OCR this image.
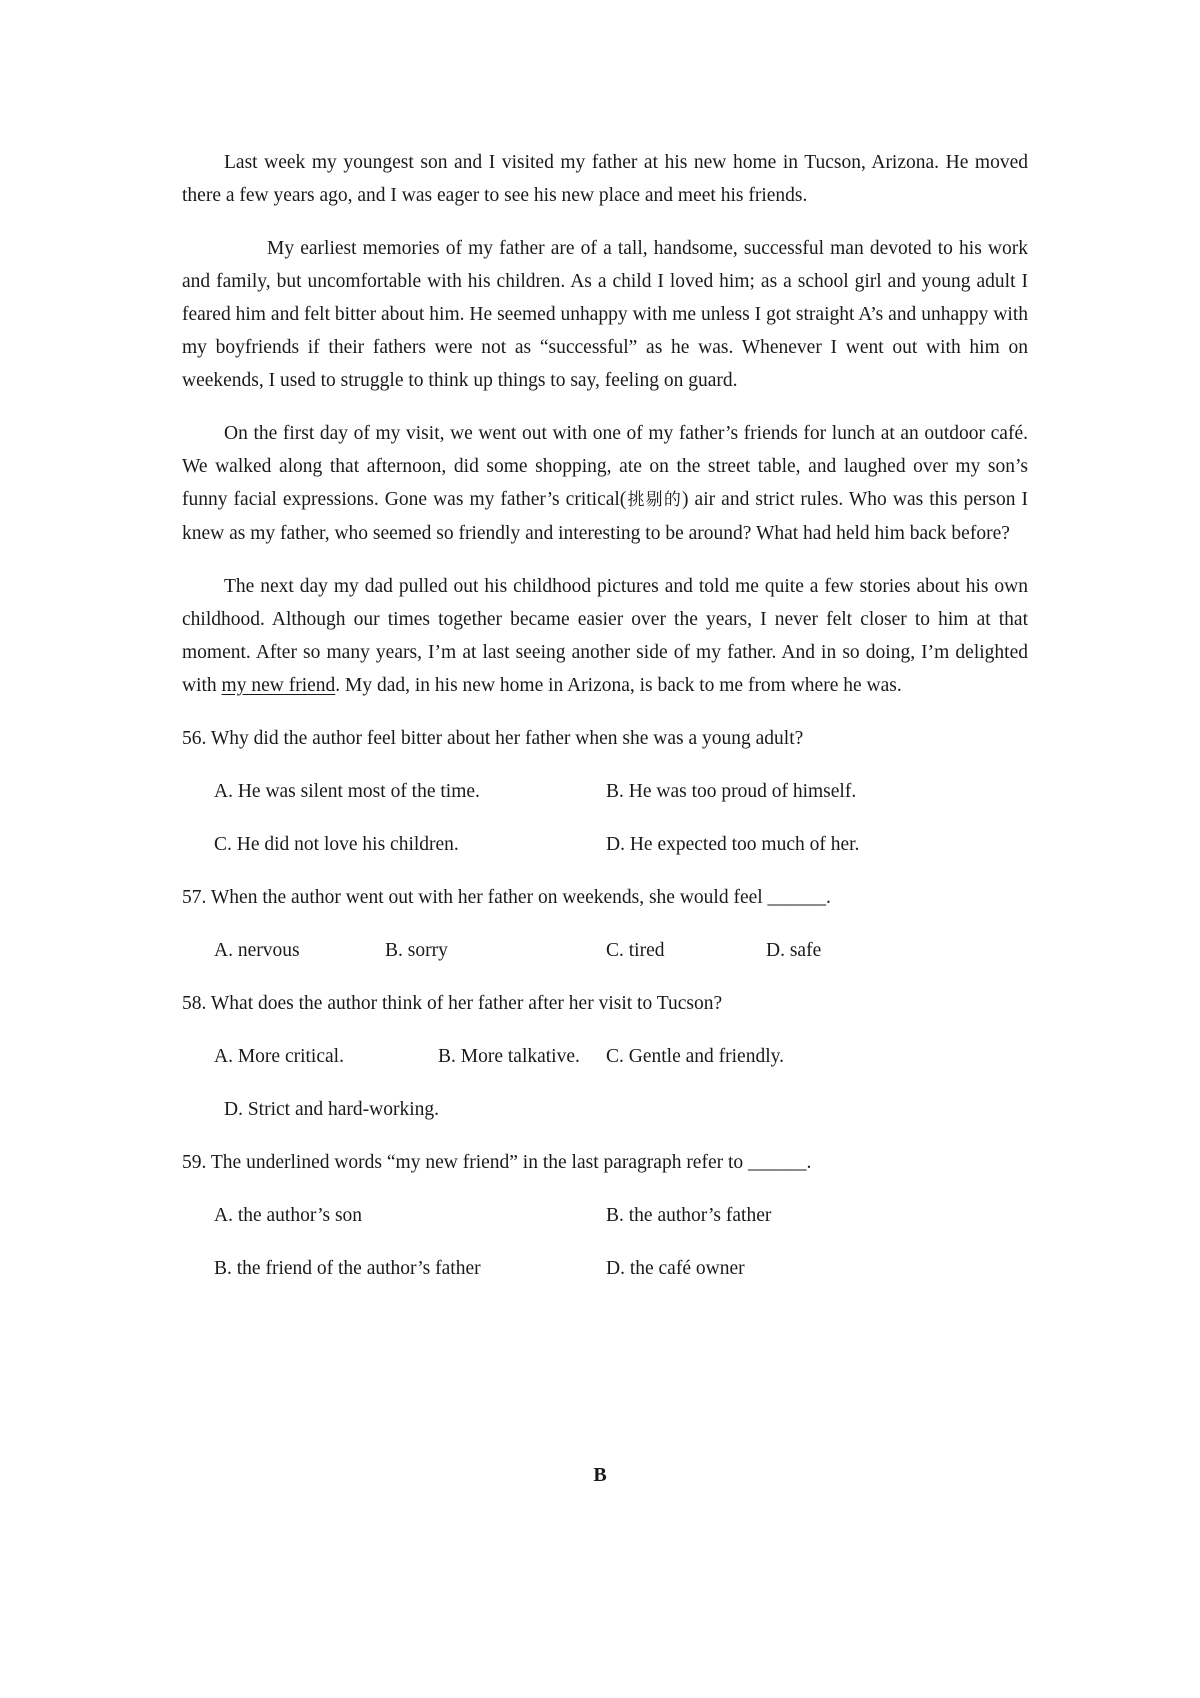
Last week my youngest son and I visited my father at his new home in Tucson, Arizona. He moved there a few years ago, and I was eager to see his new place and meet his friends.

My earliest memories of my father are of a tall, handsome, successful man devoted to his work and family, but uncomfortable with his children. As a child I loved him; as a school girl and young adult I feared him and felt bitter about him. He seemed unhappy with me unless I got straight A’s and unhappy with my boyfriends if their fathers were not as “successful” as he was. Whenever I went out with him on weekends, I used to struggle to think up things to say, feeling on guard.

On the first day of my visit, we went out with one of my father’s friends for lunch at an outdoor café. We walked along that afternoon, did some shopping, ate on the street table, and laughed over my son’s funny facial expressions. Gone was my father’s critical(挑剔的) air and strict rules. Who was this person I knew as my father, who seemed so friendly and interesting to be around? What had held him back before?

The next day my dad pulled out his childhood pictures and told me quite a few stories about his own childhood. Although our times together became easier over the years, I never felt closer to him at that moment. After so many years, I’m at last seeing another side of my father. And in so doing, I’m delighted with my new friend. My dad, in his new home in Arizona, is back to me from where he was.

56. Why did the author feel bitter about her father when she was a young adult?
A. He was silent most of the time.	B. He was too proud of himself.
C. He did not love his children.	D. He expected too much of her.
57. When the author went out with her father on weekends, she would feel ______.
A. nervous	B. sorry	C. tired	D. safe
58. What does the author think of her father after her visit to Tucson?
A. More critical.	B. More talkative. C. Gentle and friendly.
D. Strict and hard-working.
59. The underlined words “my new friend” in the last paragraph refer to ______.
A. the author’s son	B. the author’s father
B. the friend of the author’s father	D. the café owner
B
